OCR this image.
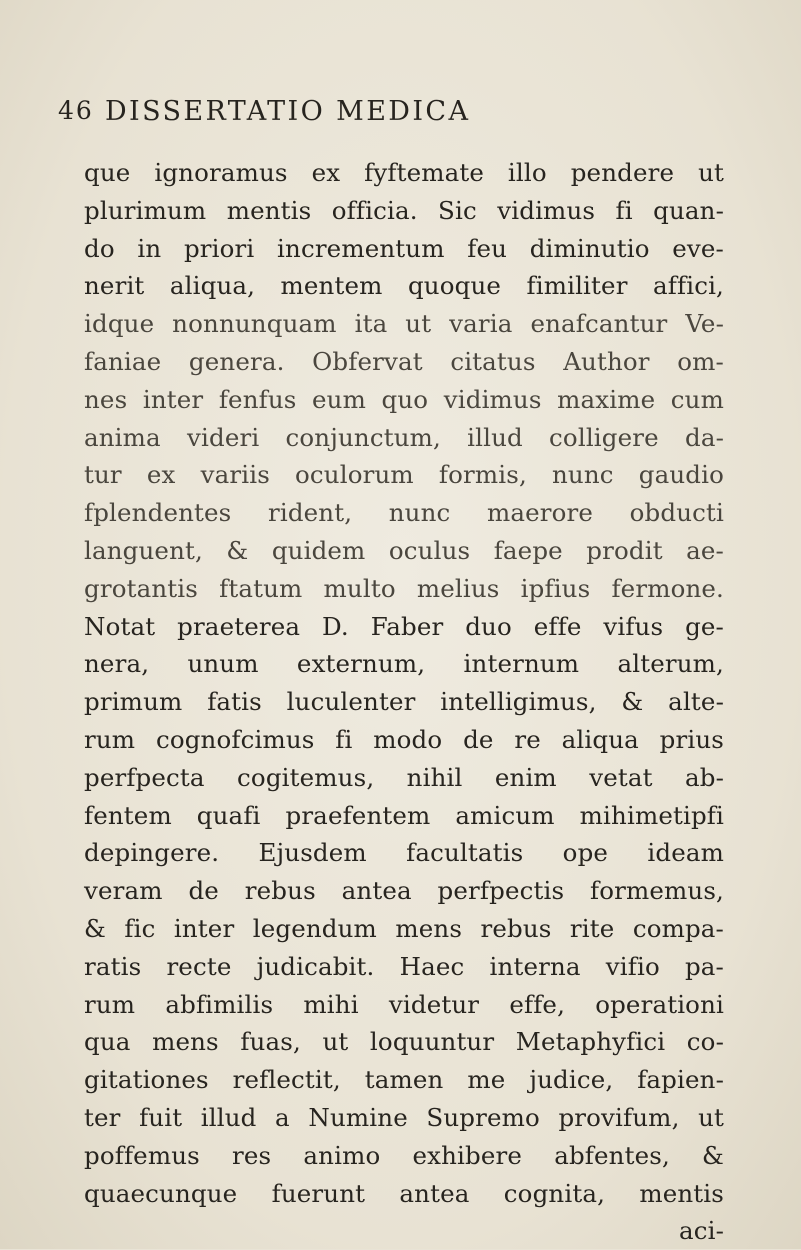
46 DISSERTATIO MEDICA
que ignoramus ex fyftemate illo pendere ut
plurimum mentis officia. Sic vidimus fi quan-
do in priori incrementum feu diminutio eve-
nerit aliqua, mentem quoque fimiliter affici,
idque nonnunquam ita ut varia enafcantur Ve-
faniae genera. Obfervat citatus Author om-
nes inter fenfus eum quo vidimus maxime cum
anima videri conjunctum, illud colligere da-
tur ex variis oculorum formis, nunc gaudio
fplendentes rident, nunc maerore obducti
languent, & quidem oculus faepe prodit ae-
grotantis ftatum multo melius ipfius fermone.
Notat praeterea D. Faber duo effe vifus ge-
nera, unum externum, internum alterum,
primum fatis luculenter intelligimus, & alte-
rum cognofcimus fi modo de re aliqua prius
perfpecta cogitemus, nihil enim vetat ab-
fentem quafi praefentem amicum mihimetipfi
depingere. Ejusdem facultatis ope ideam
veram de rebus antea perfpectis formemus,
& fic inter legendum mens rebus rite compa-
ratis recte judicabit. Haec interna vifio pa-
rum abfimilis mihi videtur effe, operationi
qua mens fuas, ut loquuntur Metaphyfici co-
gitationes reflectit, tamen me judice, fapien-
ter fuit illud a Numine Supremo provifum, ut
poffemus res animo exhibere abfentes, &
quaecunque fuerunt antea cognita, mentis
aci-
